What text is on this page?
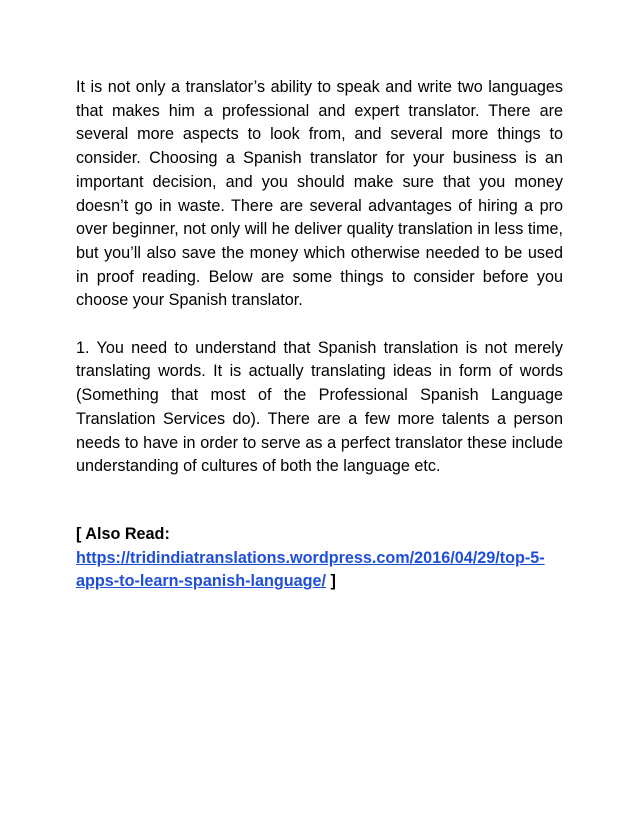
It is not only a translator’s ability to speak and write two languages that makes him a professional and expert translator. There are several more aspects to look from, and several more things to consider. Choosing a Spanish translator for your business is an important decision, and you should make sure that you money doesn’t go in waste. There are several advantages of hiring a pro over beginner, not only will he deliver quality translation in less time, but you’ll also save the money which otherwise needed to be used in proof reading. Below are some things to consider before you choose your Spanish translator.

1. You need to understand that Spanish translation is not merely translating words. It is actually translating ideas in form of words (Something that most of the Professional Spanish Language Translation Services do). There are a few more talents a person needs to have in order to serve as a perfect translator these include understanding of cultures of both the language etc.

[ Also Read:
https://tridindiatranslations.wordpress.com/2016/04/29/top-5-apps-to-learn-spanish-language/ ]
